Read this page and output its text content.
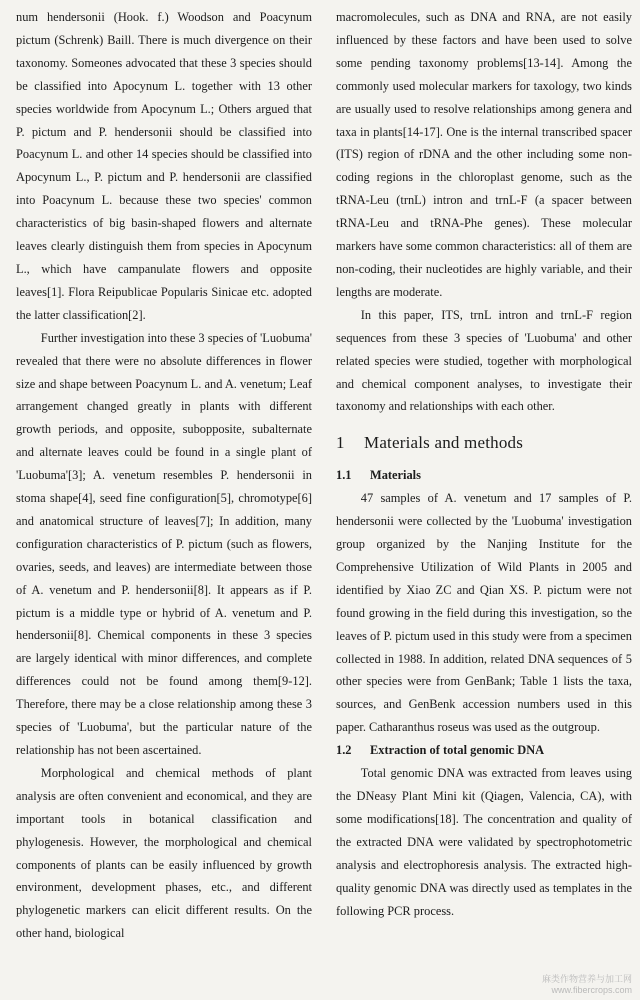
num hendersonii (Hook. f.) Woodson and Poacynum pictum (Schrenk) Baill. There is much divergence on their taxonomy. Someones advocated that these 3 species should be classified into Apocynum L. together with 13 other species worldwide from Apocynum L.; Others argued that P. pictum and P. hendersonii should be classified into Poacynum L. and other 14 species should be classified into Apocynum L., P. pictum and P. hendersonii are classified into Poacynum L. because these two species' common characteristics of big basin-shaped flowers and alternate leaves clearly distinguish them from species in Apocynum L., which have campanulate flowers and opposite leaves[1]. Flora Reipublicae Popularis Sinicae etc. adopted the latter classification[2].

Further investigation into these 3 species of 'Luobuma' revealed that there were no absolute differences in flower size and shape between Poacynum L. and A. venetum; Leaf arrangement changed greatly in plants with different growth periods, and opposite, subopposite, subalternate and alternate leaves could be found in a single plant of 'Luobuma'[3]; A. venetum resembles P. hendersonii in stoma shape[4], seed fine configuration[5], chromotype[6] and anatomical structure of leaves[7]; In addition, many configuration characteristics of P. pictum (such as flowers, ovaries, seeds, and leaves) are intermediate between those of A. venetum and P. hendersonii[8]. It appears as if P. pictum is a middle type or hybrid of A. venetum and P. hendersonii[8]. Chemical components in these 3 species are largely identical with minor differences, and complete differences could not be found among them[9-12]. Therefore, there may be a close relationship among these 3 species of 'Luobuma', but the particular nature of the relationship has not been ascertained.

Morphological and chemical methods of plant analysis are often convenient and economical, and they are important tools in botanical classification and phylogenesis. However, the morphological and chemical components of plants can be easily influenced by growth environment, development phases, etc., and different phylogenetic markers can elicit different results. On the other hand, biological

macromolecules, such as DNA and RNA, are not easily influenced by these factors and have been used to solve some pending taxonomy problems[13-14]. Among the commonly used molecular markers for taxology, two kinds are usually used to resolve relationships among genera and taxa in plants[14-17]. One is the internal transcribed spacer (ITS) region of rDNA and the other including some non-coding regions in the chloroplast genome, such as the tRNA-Leu (trnL) intron and trnL-F (a spacer between tRNA-Leu and tRNA-Phe genes). These molecular markers have some common characteristics: all of them are non-coding, their nucleotides are highly variable, and their lengths are moderate.

In this paper, ITS, trnL intron and trnL-F region sequences from these 3 species of 'Luobuma' and other related species were studied, together with morphological and chemical component analyses, to investigate their taxonomy and relationships with each other.

1 Materials and methods
1.1 Materials

47 samples of A. venetum and 17 samples of P. hendersonii were collected by the 'Luobuma' investigation group organized by the Nanjing Institute for the Comprehensive Utilization of Wild Plants in 2005 and identified by Xiao ZC and Qian XS. P. pictum were not found growing in the field during this investigation, so the leaves of P. pictum used in this study were from a specimen collected in 1988. In addition, related DNA sequences of 5 other species were from GenBank; Table 1 lists the taxa, sources, and GenBenk accession numbers used in this paper. Catharanthus roseus was used as the outgroup.

1.2 Extraction of total genomic DNA

Total genomic DNA was extracted from leaves using the DNeasy Plant Mini kit (Qiagen, Valencia, CA), with some modifications[18]. The concentration and quality of the extracted DNA were validated by spectrophotometric analysis and electrophoresis analysis. The extracted high-quality genomic DNA was directly used as templates in the following PCR process.

麻类作物营养与加工网
www.fibercrops.com
